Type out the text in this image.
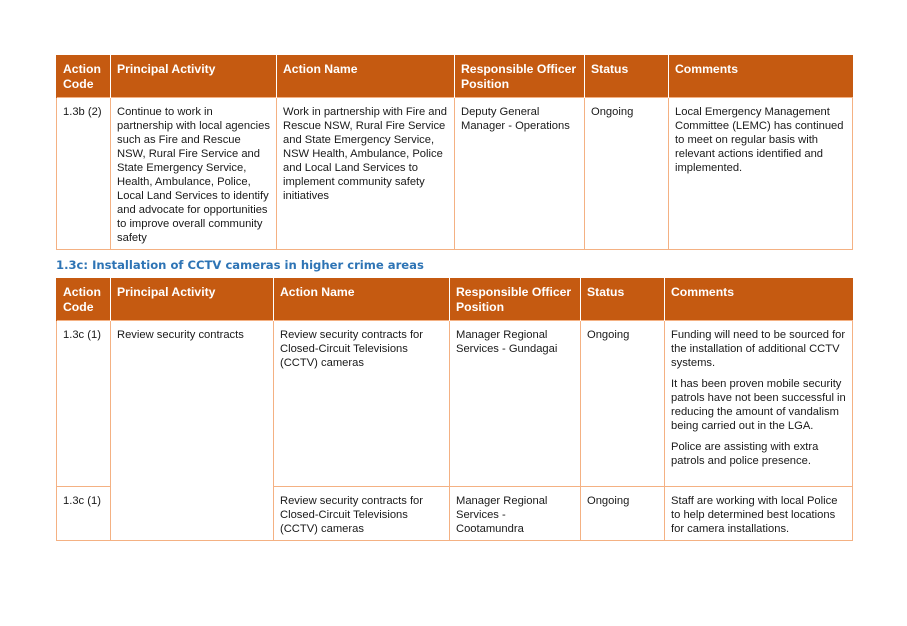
Action Code	Principal Activity	Action Name	Responsible Officer Position	Status	Comments
1.3b (2)	Continue to work in partnership with local agencies such as Fire and Rescue NSW, Rural Fire Service and State Emergency Service, Health, Ambulance, Police, Local Land Services to identify and advocate for opportunities to improve overall community safety	Work in partnership with Fire and Rescue NSW, Rural Fire Service and State Emergency Service, NSW Health, Ambulance, Police and Local Land Services to implement community safety initiatives	Deputy General Manager - Operations	Ongoing	Local Emergency Management Committee (LEMC) has continued to meet on regular basis with relevant actions identified and implemented.

1.3c: Installation of CCTV cameras in higher crime areas
Action Code	Principal Activity	Action Name	Responsible Officer Position	Status	Comments
1.3c (1)	Review security contracts	Review security contracts for Closed-Circuit Televisions (CCTV) cameras	Manager Regional Services - Gundagai	Ongoing	Funding will need to be sourced for the installation of additional CCTV systems.

It has been proven mobile security patrols have not been successful in reducing the amount of vandalism being carried out in the LGA.

Police are assisting with extra patrols and police presence.

1.3c (1)		Review security contracts for Closed-Circuit Televisions (CCTV) cameras	Manager Regional Services - Cootamundra	Ongoing	Staff are working with local Police to help determined best locations for camera installations.
